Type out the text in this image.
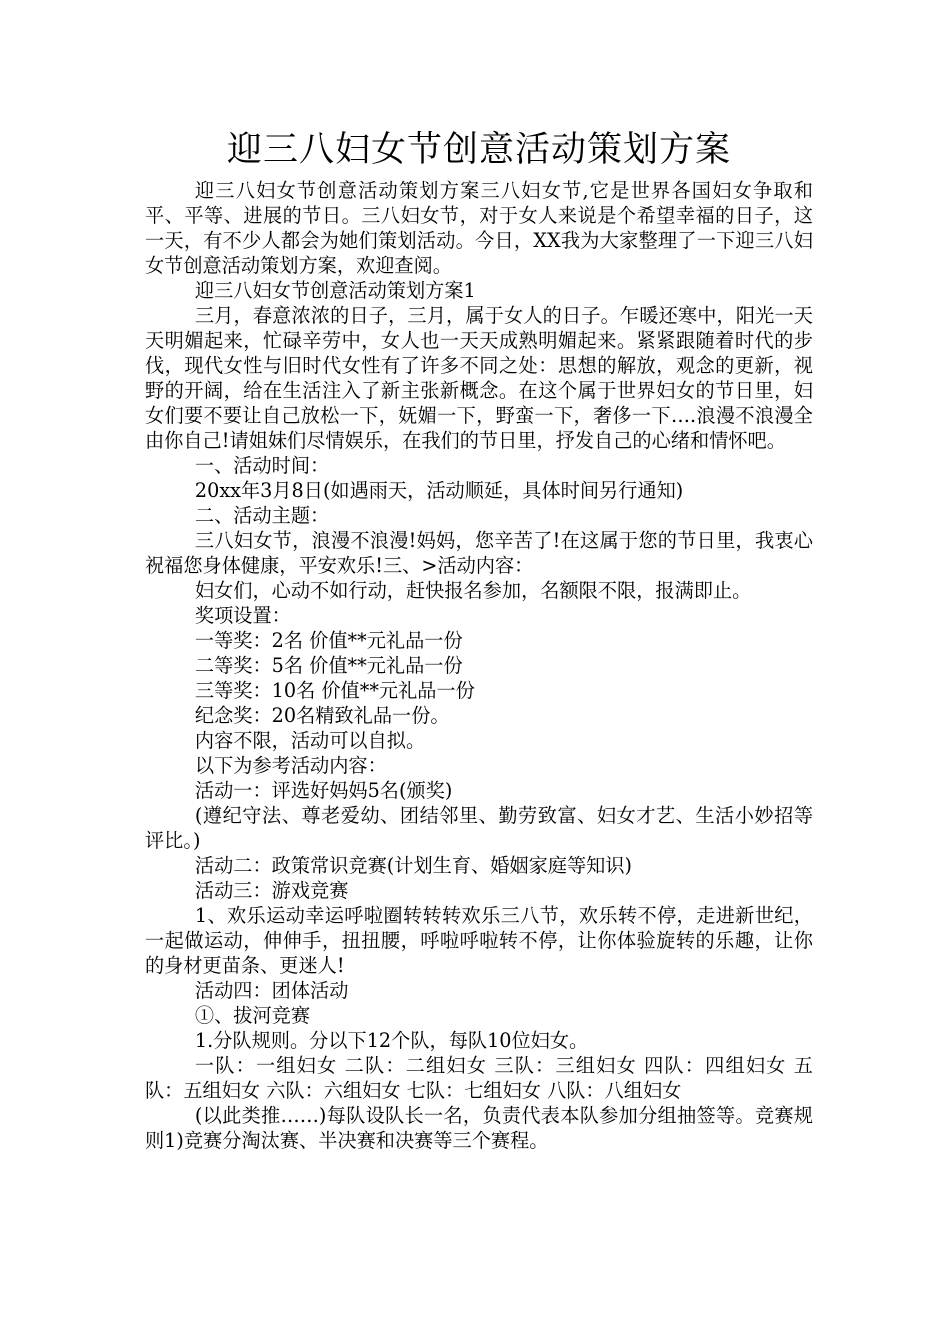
迎三八妇女节创意活动策划方案

迎三八妇女节创意活动策划方案三八妇女节,它是世界各国妇女争取和平、平等、进展的节日。三八妇女节，对于女人来说是个希望幸福的日子，这一天，有不少人都会为她们策划活动。今日，XX我为大家整理了一下迎三八妇女节创意活动策划方案，欢迎查阅。

迎三八妇女节创意活动策划方案1

三月，春意浓浓的日子，三月，属于女人的日子。乍暖还寒中，阳光一天天明媚起来，忙碌辛劳中，女人也一天天成熟明媚起来。紧紧跟随着时代的步伐，现代女性与旧时代女性有了许多不同之处：思想的解放，观念的更新，视野的开阔，给在生活注入了新主张新概念。在这个属于世界妇女的节日里，妇女们要不要让自己放松一下，妩媚一下，野蛮一下，奢侈一下….浪漫不浪漫全由你自己!请姐妹们尽情娱乐，在我们的节日里，抒发自己的心绪和情怀吧。

一、活动时间：

20xx年3月8日(如遇雨天，活动顺延，具体时间另行通知)

二、活动主题：

三八妇女节，浪漫不浪漫!妈妈，您辛苦了!在这属于您的节日里，我衷心祝福您身体健康，平安欢乐!三、>活动内容：

妇女们，心动不如行动，赶快报名参加，名额限不限，报满即止。

奖项设置：

一等奖：2名 价值**元礼品一份

二等奖：5名 价值**元礼品一份

三等奖：10名 价值**元礼品一份

纪念奖：20名精致礼品一份。

内容不限，活动可以自拟。

以下为参考活动内容：

活动一：评选好妈妈5名(颁奖)

(遵纪守法、尊老爱幼、团结邻里、勤劳致富、妇女才艺、生活小妙招等评比。)

活动二：政策常识竞赛(计划生育、婚姻家庭等知识)

活动三：游戏竞赛

1、欢乐运动幸运呼啦圈转转转欢乐三八节，欢乐转不停，走进新世纪，一起做运动，伸伸手，扭扭腰，呼啦呼啦转不停，让你体验旋转的乐趣，让你的身材更苗条、更迷人!

活动四：团体活动

①、拔河竞赛

1.分队规则。分以下12个队，每队10位妇女。

一队：一组妇女 二队：二组妇女 三队：三组妇女 四队：四组妇女 五队：五组妇女 六队：六组妇女 七队：七组妇女 八队：八组妇女

(以此类推……)每队设队长一名，负责代表本队参加分组抽签等。竞赛规则1)竞赛分淘汰赛、半决赛和决赛等三个赛程。
